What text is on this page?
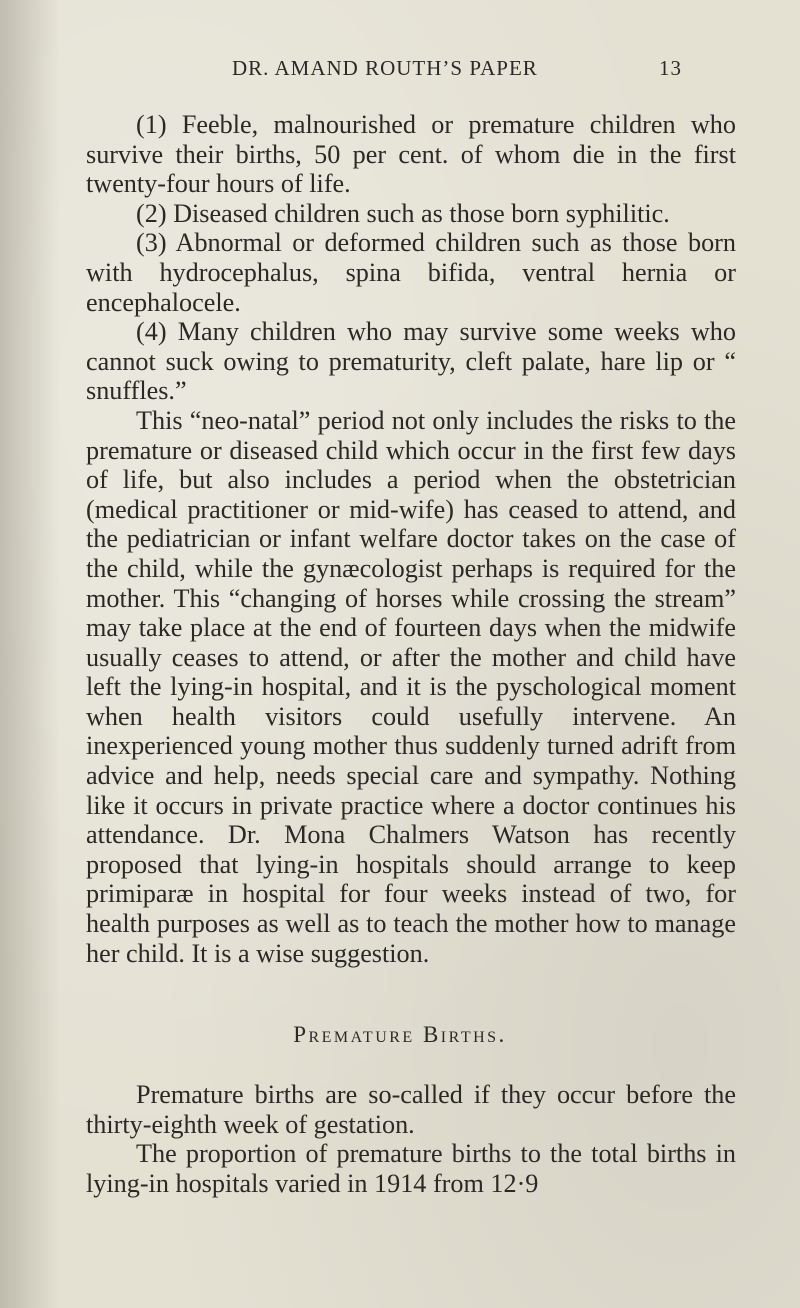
DR. AMAND ROUTH’S PAPER	13

(1) Feeble, malnourished or premature children who survive their births, 50 per cent. of whom die in the first twenty-four hours of life.

(2) Diseased children such as those born syphilitic.

(3) Abnormal or deformed children such as those born with hydrocephalus, spina bifida, ventral hernia or encephalocele.

(4) Many children who may survive some weeks who cannot suck owing to prematurity, cleft palate, hare lip or “ snuffles.”

This “neo-natal” period not only includes the risks to the premature or diseased child which occur in the first few days of life, but also includes a period when the obstetrician (medical practitioner or mid-wife) has ceased to attend, and the pediatrician or infant welfare doctor takes on the case of the child, while the gynæcologist perhaps is required for the mother. This “changing of horses while crossing the stream” may take place at the end of fourteen days when the midwife usually ceases to attend, or after the mother and child have left the lying-in hospital, and it is the pyschological moment when health visitors could usefully intervene. An inexperienced young mother thus suddenly turned adrift from advice and help, needs special care and sympathy. Nothing like it occurs in private practice where a doctor continues his attendance. Dr. Mona Chalmers Watson has recently proposed that lying-in hospitals should arrange to keep primiparæ in hospital for four weeks instead of two, for health purposes as well as to teach the mother how to manage her child. It is a wise suggestion.

Premature Births.

Premature births are so-called if they occur before the thirty-eighth week of gestation.

The proportion of premature births to the total births in lying-in hospitals varied in 1914 from 12·9
